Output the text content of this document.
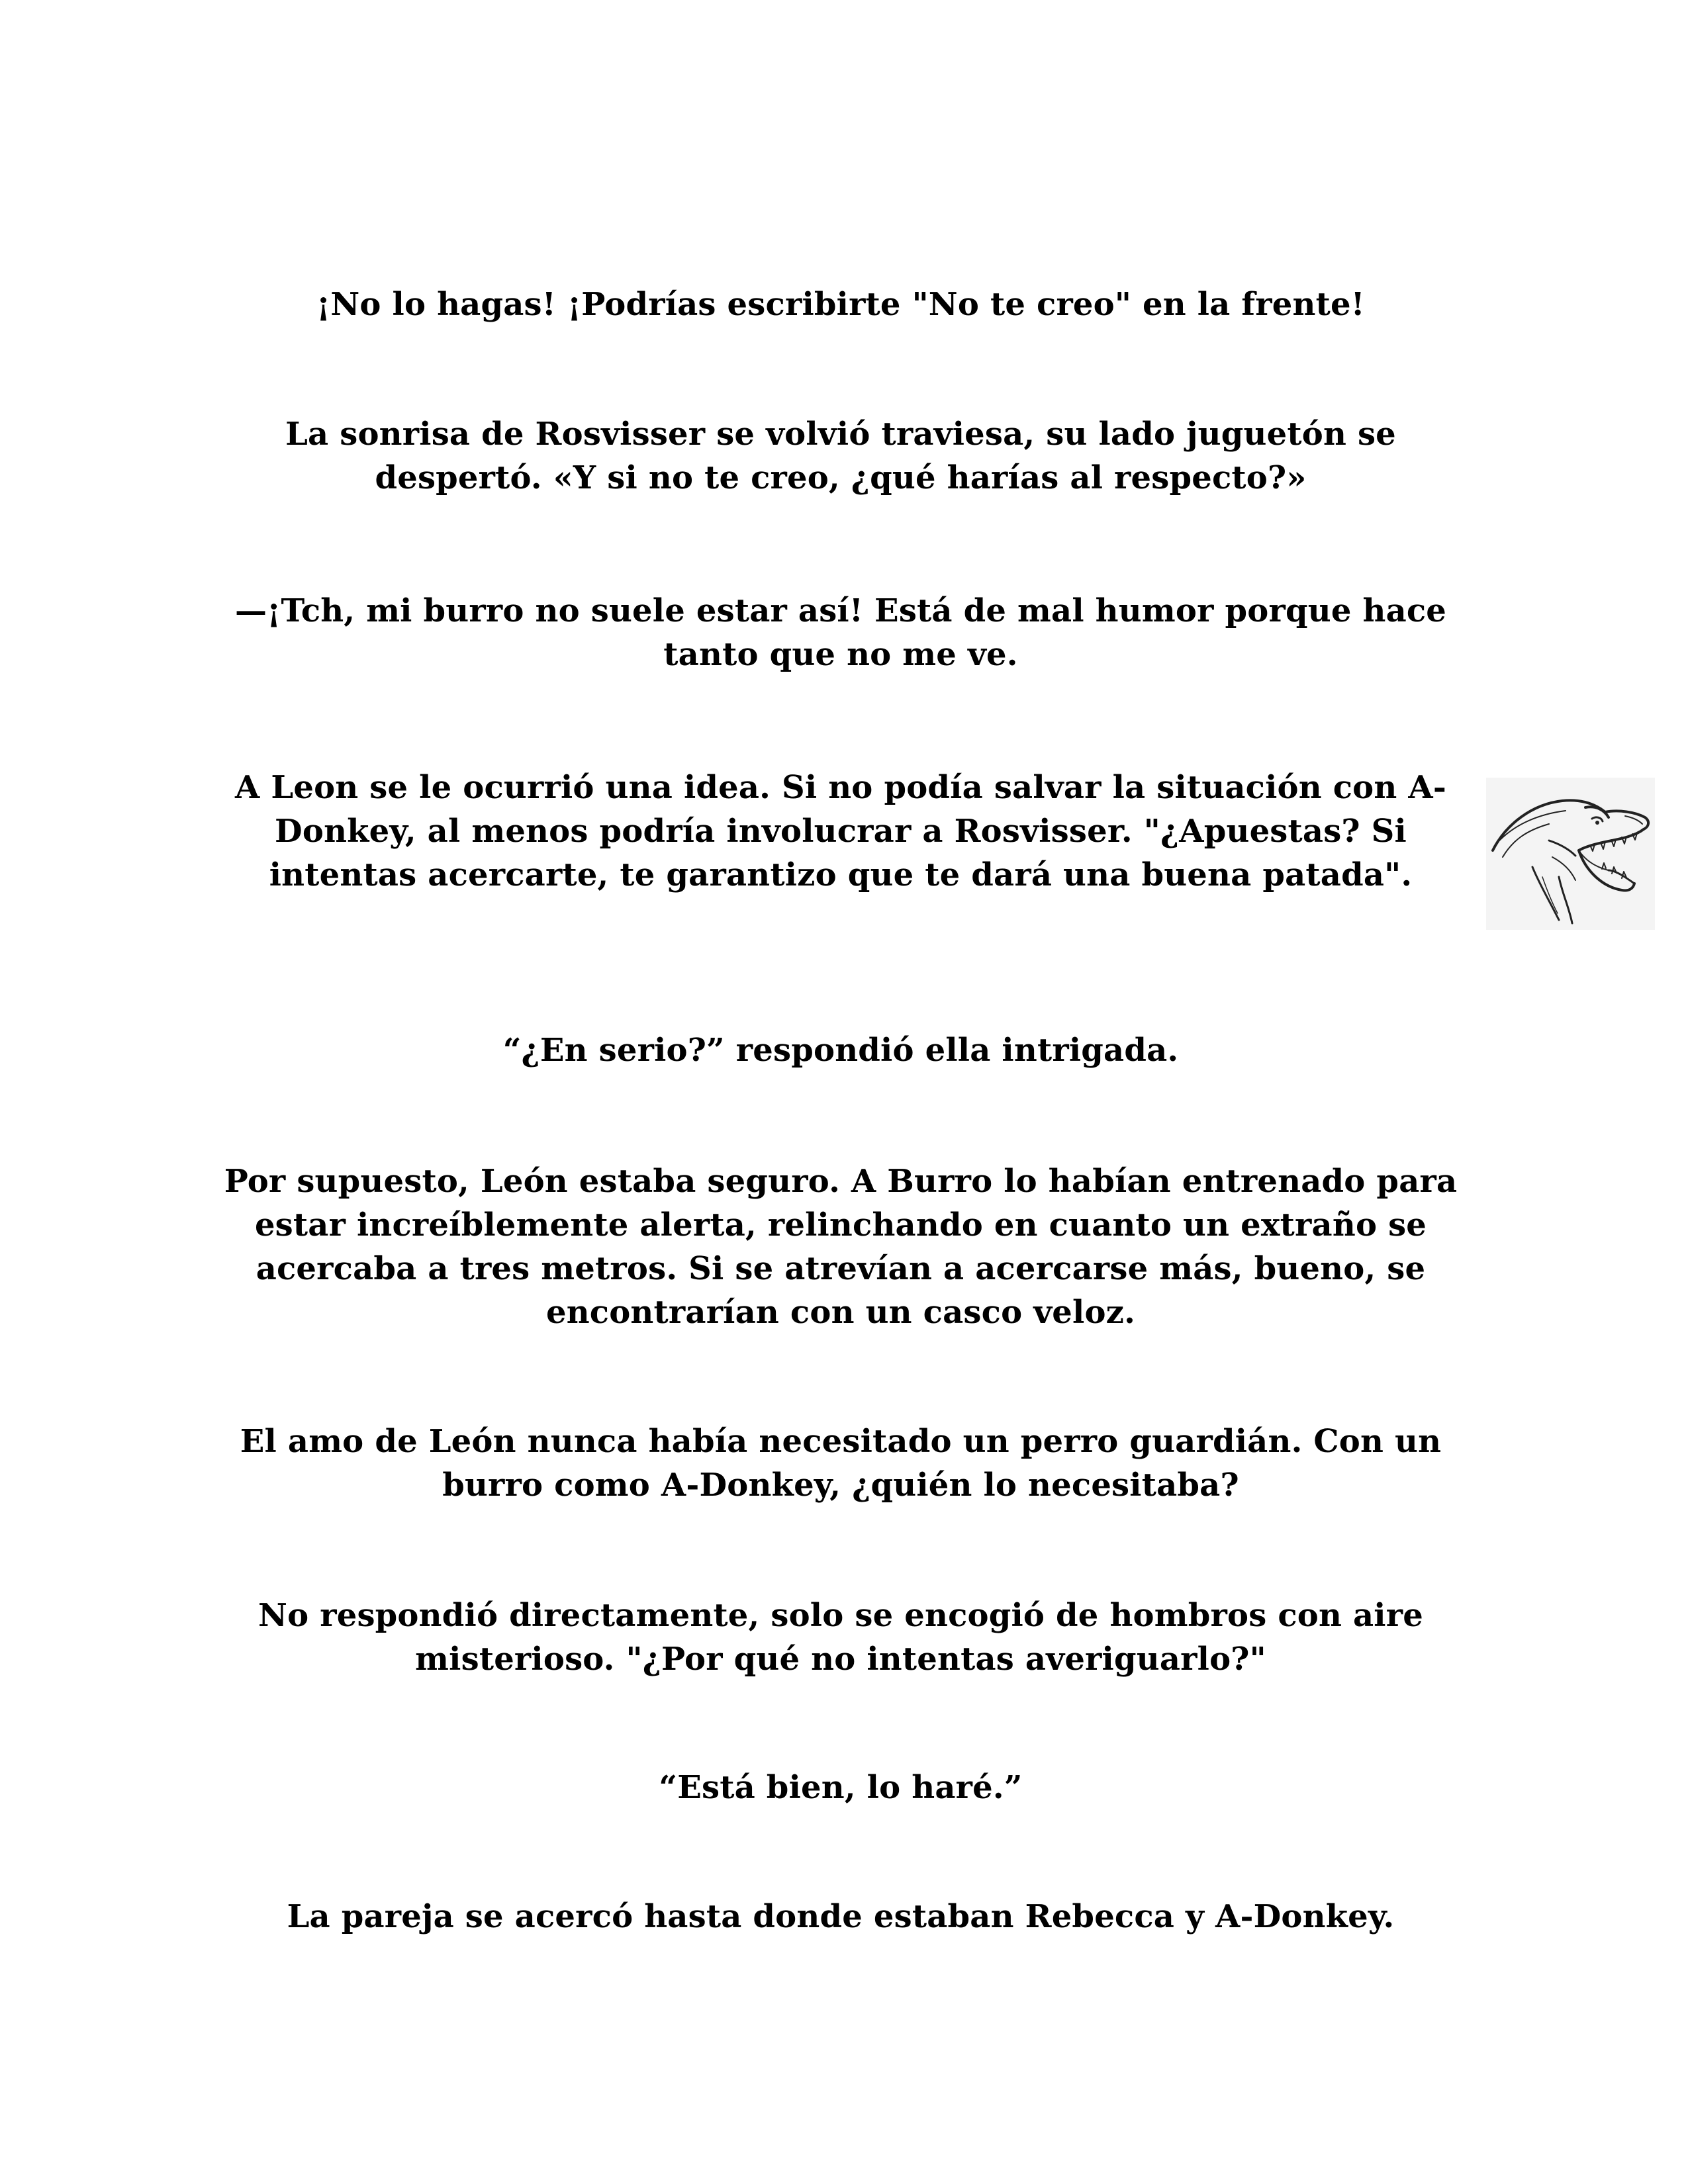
¡No lo hagas! ¡Podrías escribirte "No te creo" en la frente!

La sonrisa de Rosvisser se volvió traviesa, su lado juguetón se despertó. «Y si no te creo, ¿qué harías al respecto?»

—¡Tch, mi burro no suele estar así! Está de mal humor porque hace tanto que no me ve.

A Leon se le ocurrió una idea. Si no podía salvar la situación con A-Donkey, al menos podría involucrar a Rosvisser. "¿Apuestas? Si intentas acercarte, te garantizo que te dará una buena patada".

“¿En serio?” respondió ella intrigada.

Por supuesto, León estaba seguro. A Burro lo habían entrenado para estar increíblemente alerta, relinchando en cuanto un extraño se acercaba a tres metros. Si se atrevían a acercarse más, bueno, se encontrarían con un casco veloz.

El amo de León nunca había necesitado un perro guardián. Con un burro como A-Donkey, ¿quién lo necesitaba?

No respondió directamente, solo se encogió de hombros con aire misterioso. "¿Por qué no intentas averiguarlo?"

“Está bien, lo haré.”

La pareja se acercó hasta donde estaban Rebecca y A-Donkey.
